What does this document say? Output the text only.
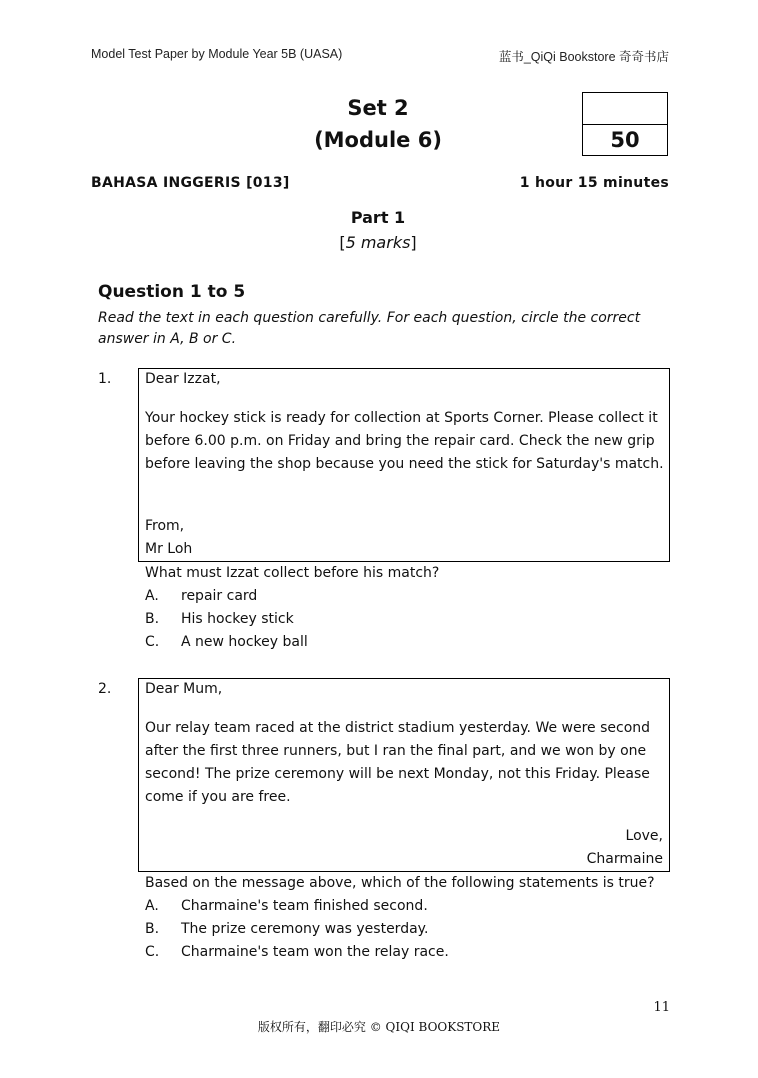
Model Test Paper by Module Year 5B (UASA)	蓝书_QiQi Bookstore 奇奇书店
Set 2
(Module 6)	50
BAHASA INGGERIS [013]	1 hour 15 minutes
Part 1
[5 marks]
Question 1 to 5
Read the text in each question carefully. For each question, circle the correct answer in A, B or C.
1. Dear Izzat,
Your hockey stick is ready for collection at Sports Corner. Please collect it before 6.00 p.m. on Friday and bring the repair card. Check the new grip before leaving the shop because you need the stick for Saturday's match.
From,
Mr Loh
What must Izzat collect before his match?
A. repair card
B. His hockey stick
C. A new hockey ball
2. Dear Mum,
Our relay team raced at the district stadium yesterday. We were second after the first three runners, but I ran the final part, and we won by one second! The prize ceremony will be next Monday, not this Friday. Please come if you are free.
Love,
Charmaine
Based on the message above, which of the following statements is true?
A. Charmaine's team finished second.
B. The prize ceremony was yesterday.
C. Charmaine's team won the relay race.
11
版权所有，翻印必究 © QIQI BOOKSTORE
